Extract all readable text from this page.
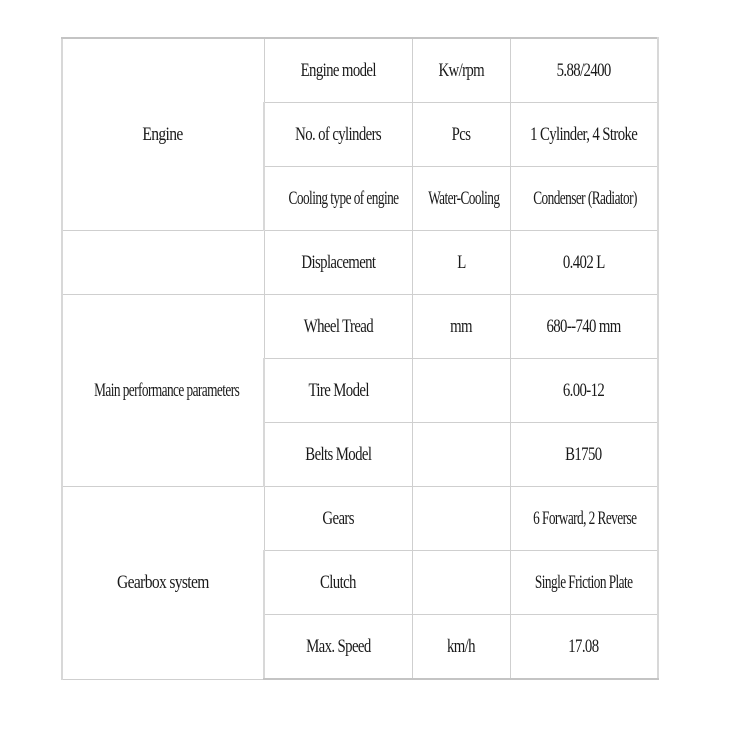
Engine	Engine model	Kw/rpm	5.88/2400
	No. of cylinders	Pcs	1 Cylinder, 4 Stroke
	Cooling type of engine	Water-Cooling	Condenser (Radiator)
	Displacement	L	0.402 L
Main performance parameters	Wheel Tread	mm	680--740 mm
	Tire Model		6.00-12
	Belts Model		B1750
Gearbox system	Gears		6 Forward, 2 Reverse
	Clutch		Single Friction Plate
	Max. Speed	km/h	17.08
